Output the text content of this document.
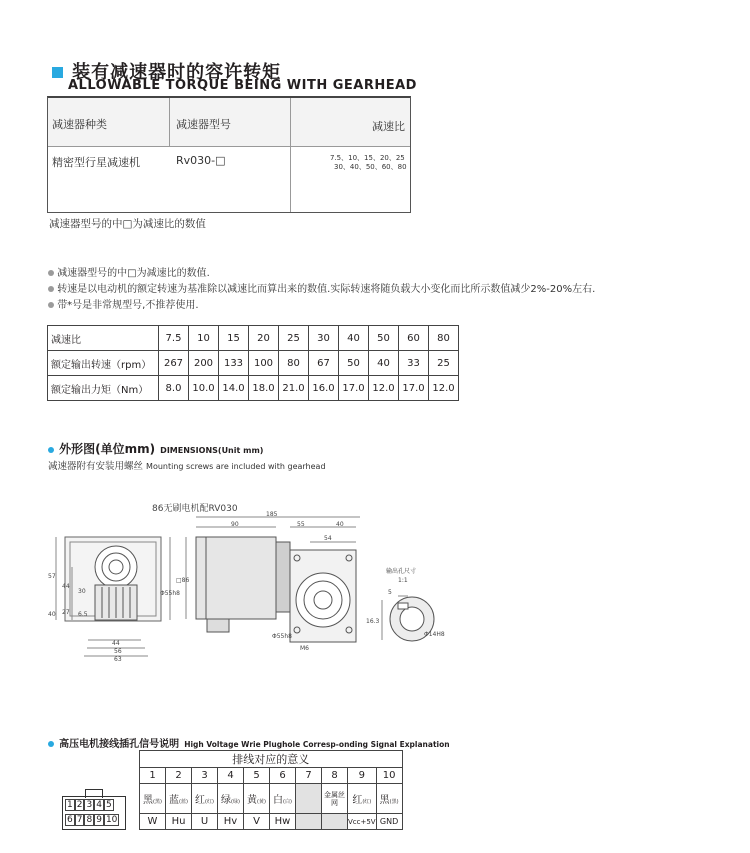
装有减速器时的容许转矩
ALLOWABLE TORQUE BEING WITH GEARHEAD
减速器种类	减速器型号	减速比
精密型行星减速机	Rv030-□	7.5、10、15、20、25
30、40、50、60、80
减速器型号的中□为减速比的数值
减速器型号的中□为减速比的数值.
转速是以电动机的额定转速为基准除以减速比而算出来的数值.实际转速将随负载大小变化而比所示数值减少2%-20%左右.
带*号是非常规型号,不推荐使用.
减速比	7.5	10	15	20	25	30	40	50	60	80
额定输出转速（rpm）	267	200	133	100	80	67	50	40	33	25
额定输出力矩（Nm）	8.0	10.0	14.0	18.0	21.0	16.0	17.0	12.0	17.0	12.0
外形图(单位mm) DIMENSIONS(Unit mm)
减速器附有安装用螺丝 Mounting screws are included with gearhead
86无刷电机配RV030
57
40
44
27
30
6.5
44
56
63
Φ55h8
185
90	55	40
54
□86
Φ55h8
M6
输出孔尺寸
1:1
5
16.3
Φ14H8
高压电机接线插孔信号说明 High Voltage Wrie Plughole Corresp-onding Signal Explanation
1 2 3 4 5
6 7 8 9 10
排线对应的意义									
1	2	3	4	5	6	7	8	9	10
黑(黑)	蓝(蓝)	红(红)	绿(绿)	黄(黄)	白(白)		金属丝网	红(红)	黑(黑)
W	Hu	U	Hv	V	Hw			Vcc+5V	GND
